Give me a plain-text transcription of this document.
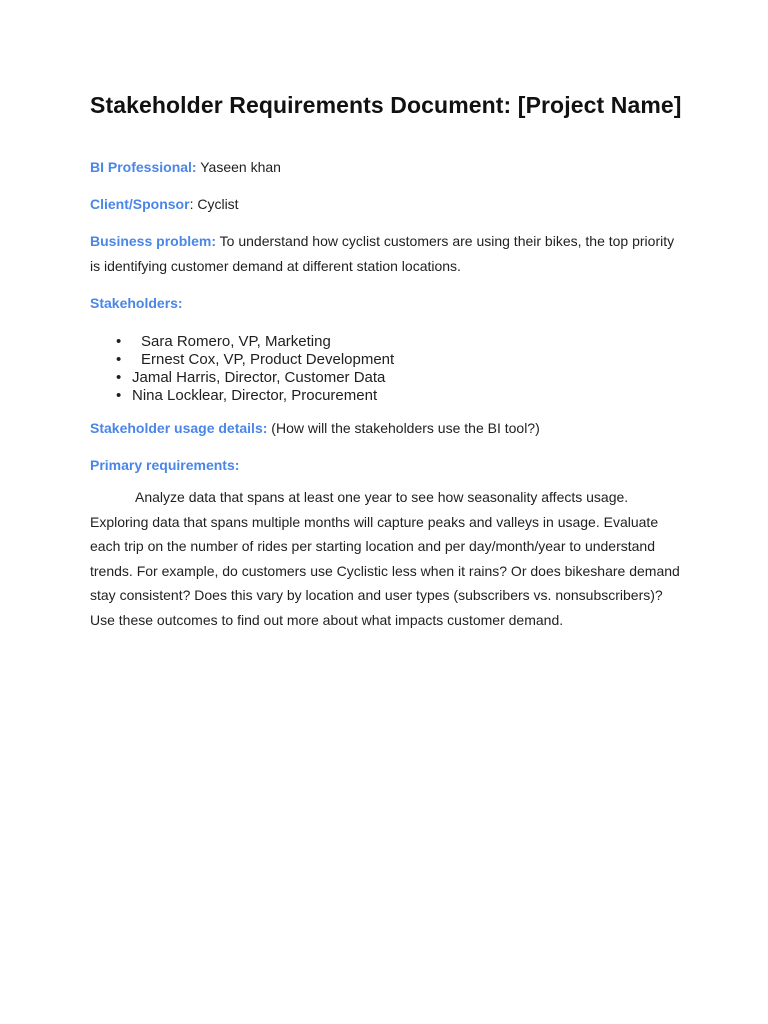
Stakeholder Requirements Document: [Project Name]
BI Professional: Yaseen khan
Client/Sponsor: Cyclist
Business problem: To understand how cyclist customers are using their bikes, the top priority is identifying customer demand at different station locations.
Stakeholders:
• Sara Romero, VP, Marketing
• Ernest Cox, VP, Product Development
• Jamal Harris, Director, Customer Data
• Nina Locklear, Director, Procurement
Stakeholder usage details: (How will the stakeholders use the BI tool?)
Primary requirements:
Analyze data that spans at least one year to see how seasonality affects usage. Exploring data that spans multiple months will capture peaks and valleys in usage. Evaluate each trip on the number of rides per starting location and per day/month/year to understand trends. For example, do customers use Cyclistic less when it rains? Or does bikeshare demand stay consistent? Does this vary by location and user types (subscribers vs. nonsubscribers)? Use these outcomes to find out more about what impacts customer demand.
